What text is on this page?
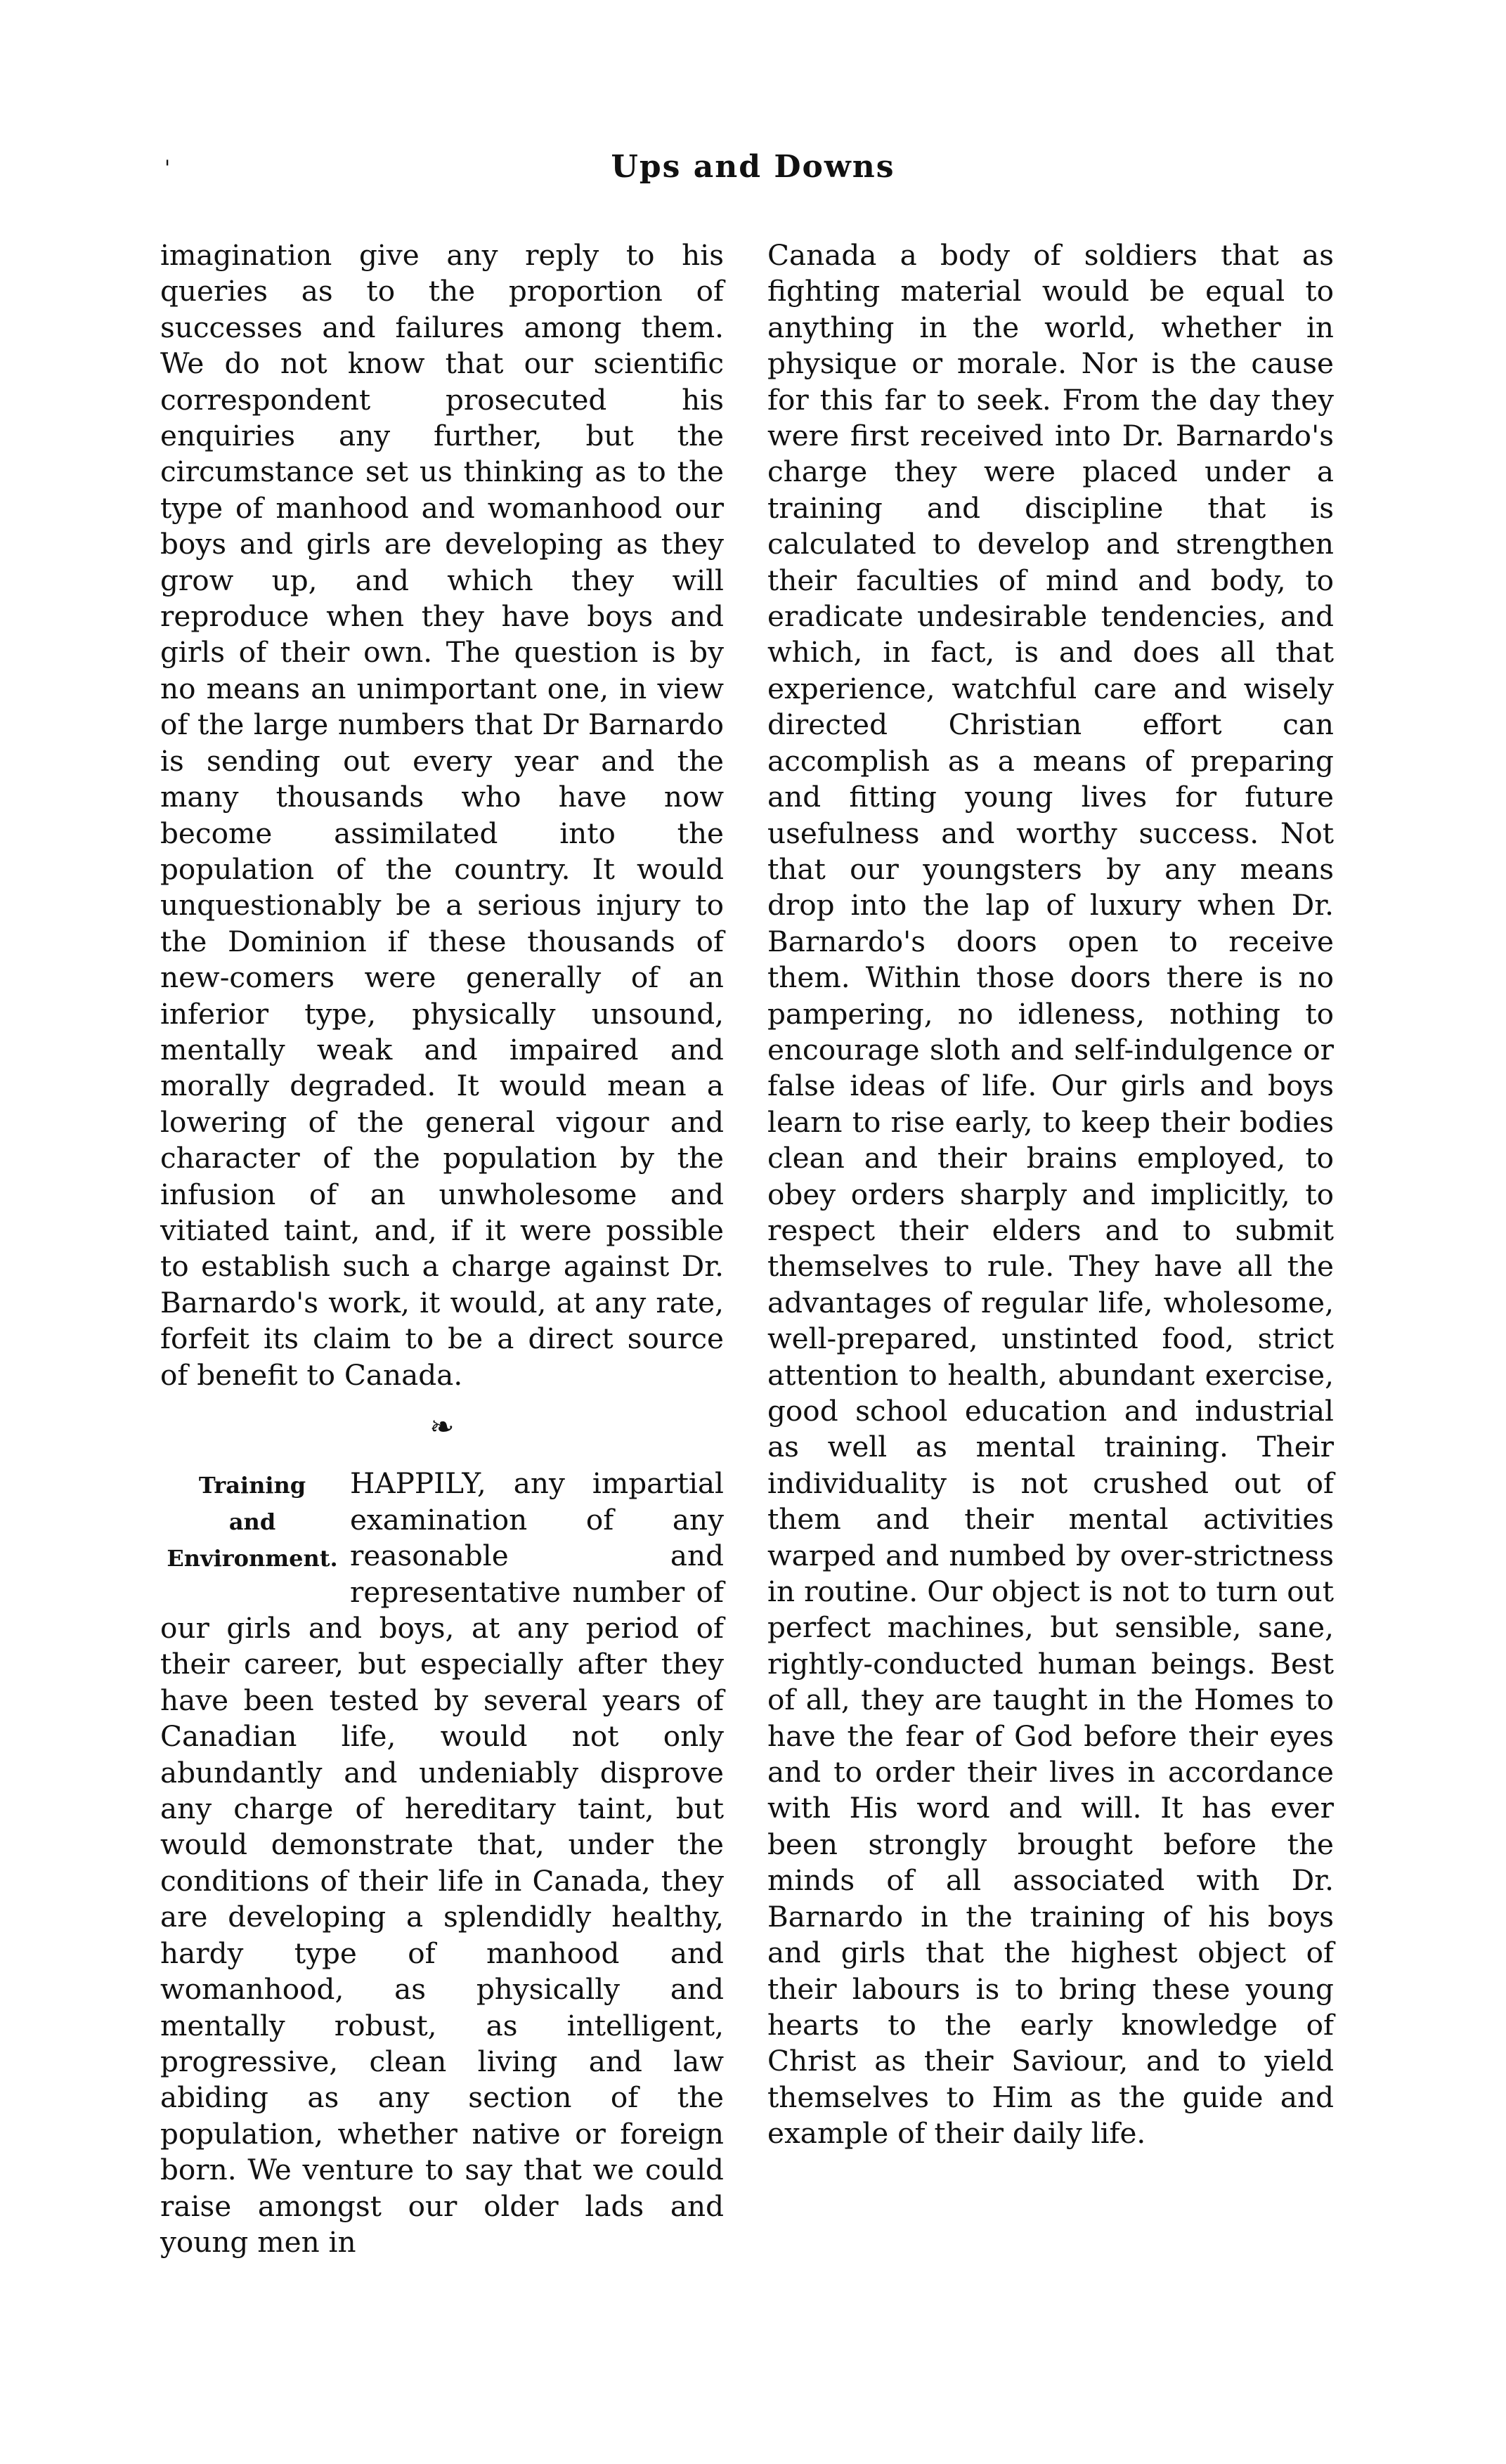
'	Ups and Downs

imagination give any reply to his queries as to the proportion of successes and failures among them. We do not know that our scientific correspondent prosecuted his enquiries any further, but the circumstance set us thinking as to the type of manhood and womanhood our boys and girls are developing as they grow up, and which they will reproduce when they have boys and girls of their own. The question is by no means an unimportant one, in view of the large numbers that Dr Barnardo is sending out every year and the many thousands who have now become assimilated into the population of the country. It would unquestionably be a serious injury to the Dominion if these thousands of new-comers were generally of an inferior type, physically unsound, mentally weak and impaired and morally degraded. It would mean a lowering of the general vigour and character of the population by the infusion of an unwholesome and vitiated taint, and, if it were possible to establish such a charge against Dr. Barnardo's work, it would, at any rate, forfeit its claim to be a direct source of benefit to Canada.

❧
Training
and
Environment.

HAPPILY, any impartial examination of any reasonable and representative number of our girls and boys, at any period of their career, but especially after they have been tested by several years of Canadian life, would not only abundantly and undeniably disprove any charge of hereditary taint, but would demonstrate that, under the conditions of their life in Canada, they are developing a splendidly healthy, hardy type of manhood and womanhood, as physically and mentally robust, as intelligent, progressive, clean living and law abiding as any section of the population, whether native or foreign born. We venture to say that we could raise amongst our older lads and young men in

Canada a body of soldiers that as fighting material would be equal to anything in the world, whether in physique or morale. Nor is the cause for this far to seek. From the day they were first received into Dr. Barnardo's charge they were placed under a training and discipline that is calculated to develop and strengthen their faculties of mind and body, to eradicate undesirable tendencies, and which, in fact, is and does all that experience, watchful care and wisely directed Christian effort can accomplish as a means of preparing and fitting young lives for future usefulness and worthy success. Not that our youngsters by any means drop into the lap of luxury when Dr. Barnardo's doors open to receive them. Within those doors there is no pampering, no idleness, nothing to encourage sloth and self-indulgence or false ideas of life. Our girls and boys learn to rise early, to keep their bodies clean and their brains employed, to obey orders sharply and implicitly, to respect their elders and to submit themselves to rule. They have all the advantages of regular life, wholesome, well-prepared, unstinted food, strict attention to health, abundant exercise, good school education and industrial as well as mental training. Their individuality is not crushed out of them and their mental activities warped and numbed by over-strictness in routine. Our object is not to turn out perfect machines, but sensible, sane, rightly-conducted human beings. Best of all, they are taught in the Homes to have the fear of God before their eyes and to order their lives in accordance with His word and will. It has ever been strongly brought before the minds of all associated with Dr. Barnardo in the training of his boys and girls that the highest object of their labours is to bring these young hearts to the early knowledge of Christ as their Saviour, and to yield themselves to Him as the guide and example of their daily life.
